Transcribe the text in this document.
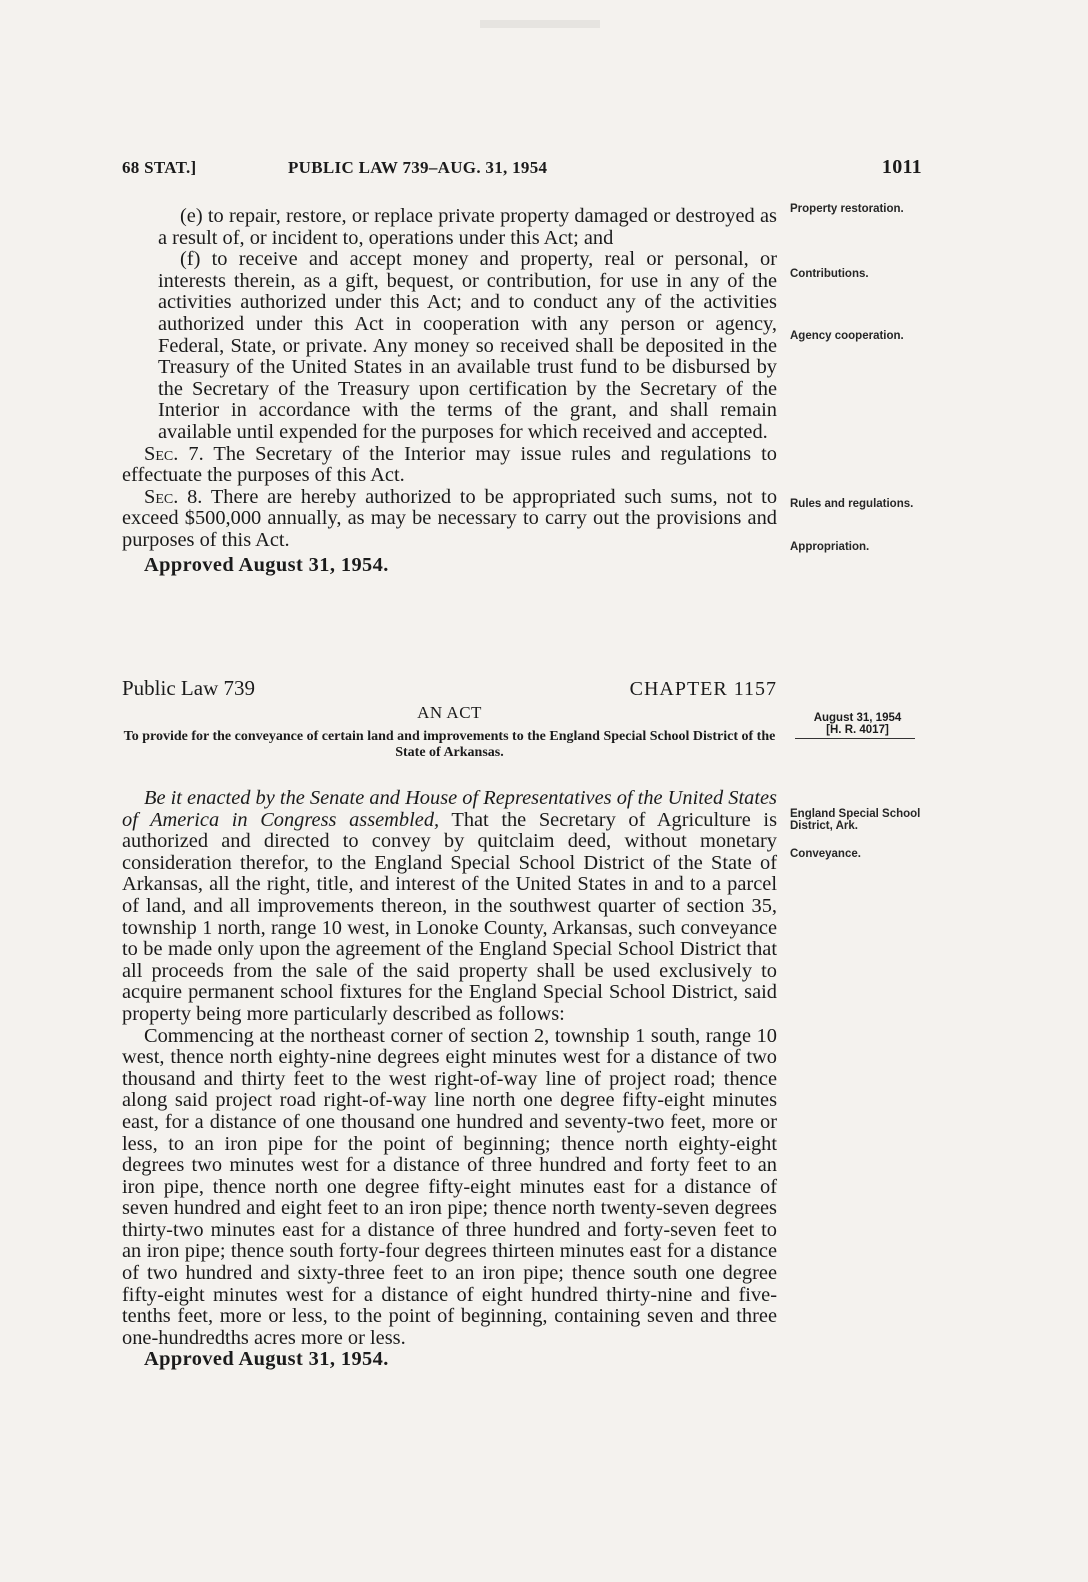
68 STAT.]	PUBLIC LAW 739–AUG. 31, 1954	1011

(e) to repair, restore, or replace private property damaged or destroyed as a result of, or incident to, operations under this Act; and

(f) to receive and accept money and property, real or personal, or interests therein, as a gift, bequest, or contribution, for use in any of the activities authorized under this Act; and to conduct any of the activities authorized under this Act in cooperation with any person or agency, Federal, State, or private. Any money so received shall be deposited in the Treasury of the United States in an available trust fund to be disbursed by the Secretary of the Treasury upon certification by the Secretary of the Interior in accordance with the terms of the grant, and shall remain available until expended for the purposes for which received and accepted.

Sec. 7. The Secretary of the Interior may issue rules and regulations to effectuate the purposes of this Act.

Sec. 8. There are hereby authorized to be appropriated such sums, not to exceed $500,000 annually, as may be necessary to carry out the provisions and purposes of this Act.

Approved August 31, 1954.

Property restoration.
Contributions.
Agency cooperation.
Rules and regulations.
Appropriation.
Public Law 739	CHAPTER 1157
AN ACT
To provide for the conveyance of certain land and improvements to the England Special School District of the State of Arkansas.
August 31, 1954
[H. R. 4017]

Be it enacted by the Senate and House of Representatives of the United States of America in Congress assembled, That the Secretary of Agriculture is authorized and directed to convey by quitclaim deed, without monetary consideration therefor, to the England Special School District of the State of Arkansas, all the right, title, and interest of the United States in and to a parcel of land, and all improvements thereon, in the southwest quarter of section 35, township 1 north, range 10 west, in Lonoke County, Arkansas, such conveyance to be made only upon the agreement of the England Special School District that all proceeds from the sale of the said property shall be used exclusively to acquire permanent school fixtures for the England Special School District, said property being more particularly described as follows:

Commencing at the northeast corner of section 2, township 1 south, range 10 west, thence north eighty-nine degrees eight minutes west for a distance of two thousand and thirty feet to the west right-of-way line of project road; thence along said project road right-of-way line north one degree fifty-eight minutes east, for a distance of one thousand one hundred and seventy-two feet, more or less, to an iron pipe for the point of beginning; thence north eighty-eight degrees two minutes west for a distance of three hundred and forty feet to an iron pipe, thence north one degree fifty-eight minutes east for a distance of seven hundred and eight feet to an iron pipe; thence north twenty-seven degrees thirty-two minutes east for a distance of three hundred and forty-seven feet to an iron pipe; thence south forty-four degrees thirteen minutes east for a distance of two hundred and sixty-three feet to an iron pipe; thence south one degree fifty-eight minutes west for a distance of eight hundred thirty-nine and five-tenths feet, more or less, to the point of beginning, containing seven and three one-hundredths acres more or less.

Approved August 31, 1954.

England Special School District, Ark.
Conveyance.
